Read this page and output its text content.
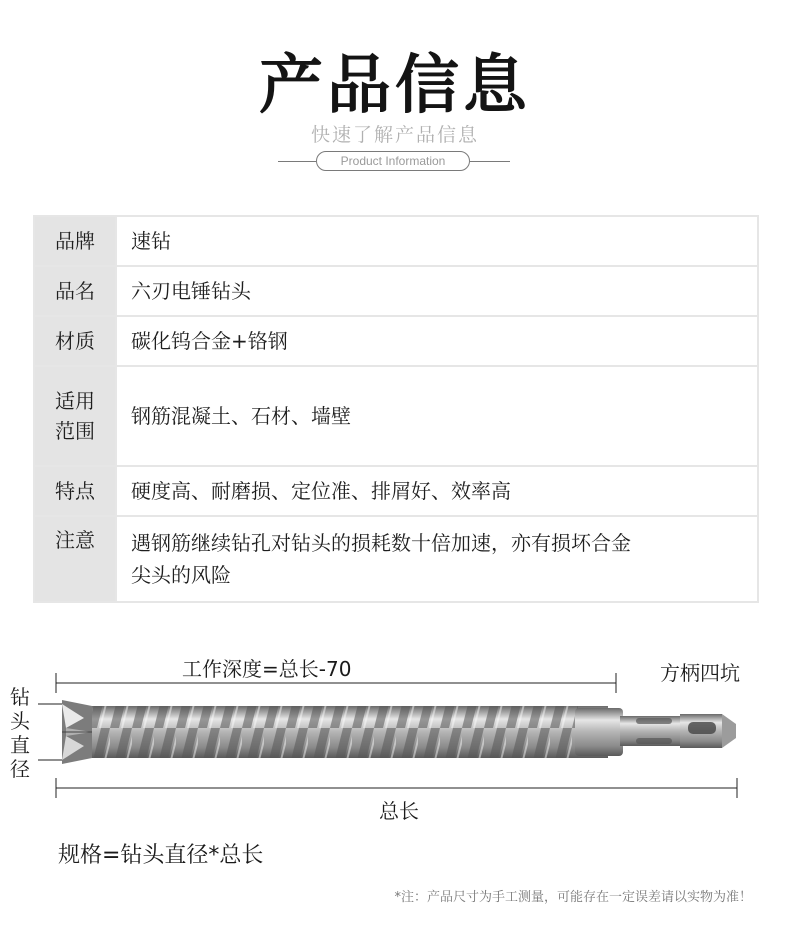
产品信息
快速了解产品信息
Product Information
品牌	速钻
品名	六刃电锤钻头
材质	碳化钨合金+铬钢

适用
范围	钢筋混凝土、石材、墙壁
特点	硬度高、耐磨损、定位准、排屑好、效率高
注意	遇钢筋继续钻孔对钻头的损耗数十倍加速，亦有损坏合金
尖头的风险
工作深度=总长-70	方柄四坑
钻
头
直
径
总长
规格=钻头直径*总长
*注：产品尺寸为手工测量，可能存在一定误差请以实物为准！
